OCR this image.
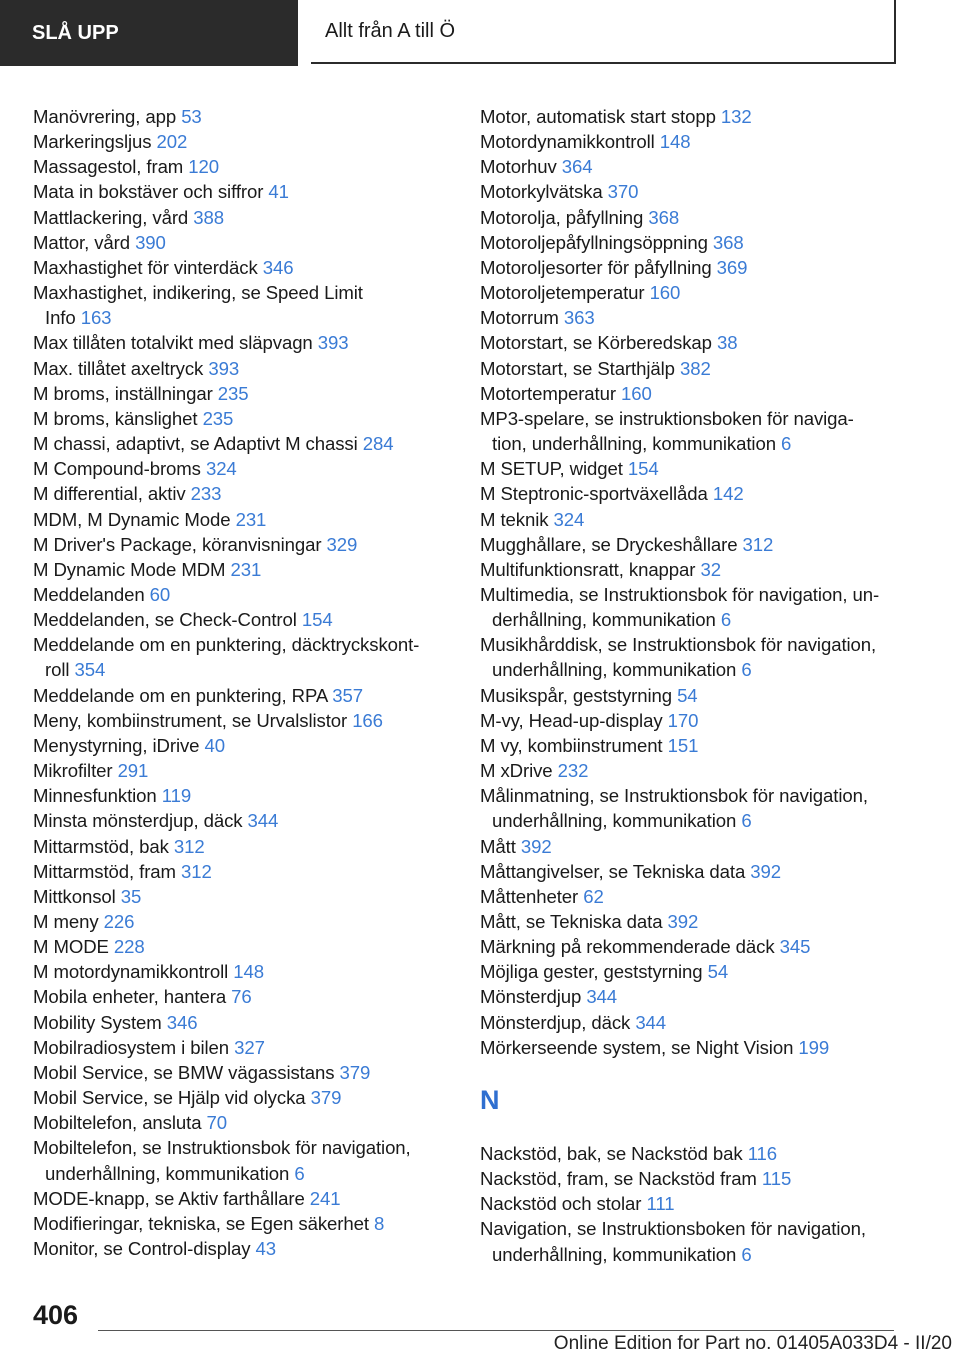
SLÅ UPP	Allt från A till Ö
Manövrering, app 53
Markeringsljus 202
Massagestol, fram 120
Mata in bokstäver och siffror 41
Mattlackering, vård 388
Mattor, vård 390
Maxhastighet för vinterdäck 346
Maxhastighet, indikering, se Speed Limit
Info 163
Max tillåten totalvikt med släpvagn 393
Max. tillåtet axeltryck 393
M broms, inställningar 235
M broms, känslighet 235
M chassi, adaptivt, se Adaptivt M chassi 284
M Compound-broms 324
M differential, aktiv 233
MDM, M Dynamic Mode 231
M Driver's Package, köranvisningar 329
M Dynamic Mode MDM 231
Meddelanden 60
Meddelanden, se Check-Control 154
Meddelande om en punktering, däcktryckskont-
roll 354
Meddelande om en punktering, RPA 357
Meny, kombiinstrument, se Urvalslistor 166
Menystyrning, iDrive 40
Mikrofilter 291
Minnesfunktion 119
Minsta mönsterdjup, däck 344
Mittarmstöd, bak 312
Mittarmstöd, fram 312
Mittkonsol 35
M meny 226
M MODE 228
M motordynamikkontroll 148
Mobila enheter, hantera 76
Mobility System 346
Mobilradiosystem i bilen 327
Mobil Service, se BMW vägassistans 379
Mobil Service, se Hjälp vid olycka 379
Mobiltelefon, ansluta 70
Mobiltelefon, se Instruktionsbok för navigation,
underhållning, kommunikation 6
MODE-knapp, se Aktiv farthållare 241
Modifieringar, tekniska, se Egen säkerhet 8
Monitor, se Control-display 43
Motor, automatisk start stopp 132
Motordynamikkontroll 148
Motorhuv 364
Motorkylvätska 370
Motorolja, påfyllning 368
Motoroljepåfyllningsöppning 368
Motoroljesorter för påfyllning 369
Motoroljetemperatur 160
Motorrum 363
Motorstart, se Körberedskap 38
Motorstart, se Starthjälp 382
Motortemperatur 160
MP3-spelare, se instruktionsboken för naviga-
tion, underhållning, kommunikation 6
M SETUP, widget 154
M Steptronic-sportväxellåda 142
M teknik 324
Mugghållare, se Dryckeshållare 312
Multifunktionsratt, knappar 32
Multimedia, se Instruktionsbok för navigation, un-
derhållning, kommunikation 6
Musikhårddisk, se Instruktionsbok för navigation,
underhållning, kommunikation 6
Musikspår, geststyrning 54
M-vy, Head-up-display 170
M vy, kombiinstrument 151
M xDrive 232
Målinmatning, se Instruktionsbok för navigation,
underhållning, kommunikation 6
Mått 392
Måttangivelser, se Tekniska data 392
Måttenheter 62
Mått, se Tekniska data 392
Märkning på rekommenderade däck 345
Möjliga gester, geststyrning 54
Mönsterdjup 344
Mönsterdjup, däck 344
Mörkerseende system, se Night Vision 199
N
Nackstöd, bak, se Nackstöd bak 116
Nackstöd, fram, se Nackstöd fram 115
Nackstöd och stolar 111
Navigation, se Instruktionsboken för navigation,
underhållning, kommunikation 6
406
Online Edition for Part no. 01405A033D4 - II/20
